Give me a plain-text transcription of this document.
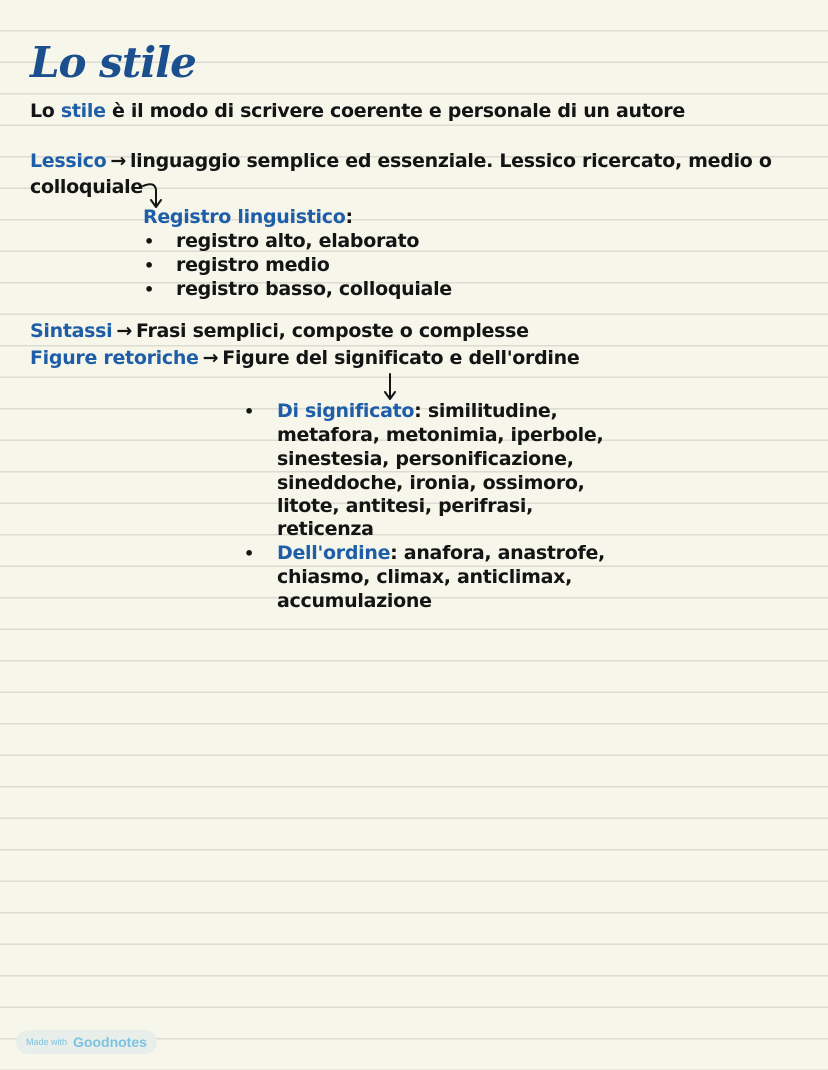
Lo stile
Lo stile è il modo di scrivere coerente e personale di un autore
Lessico → linguaggio semplice ed essenziale. Lessico ricercato, medio o
colloquiale
Registro linguistico:
• registro alto, elaborato
• registro medio
• registro basso, colloquiale
Sintassi → Frasi semplici, composte o complesse
Figure retoriche → Figure del significato e dell'ordine
• Di significato: similitudine,
metafora, metonimia, iperbole,
sinestesia, personificazione,
sineddoche, ironia, ossimoro,
litote, antitesi, perifrasi,
reticenza
• Dell'ordine: anafora, anastrofe,
chiasmo, climax, anticlimax,
accumulazione
Made with Goodnotes
